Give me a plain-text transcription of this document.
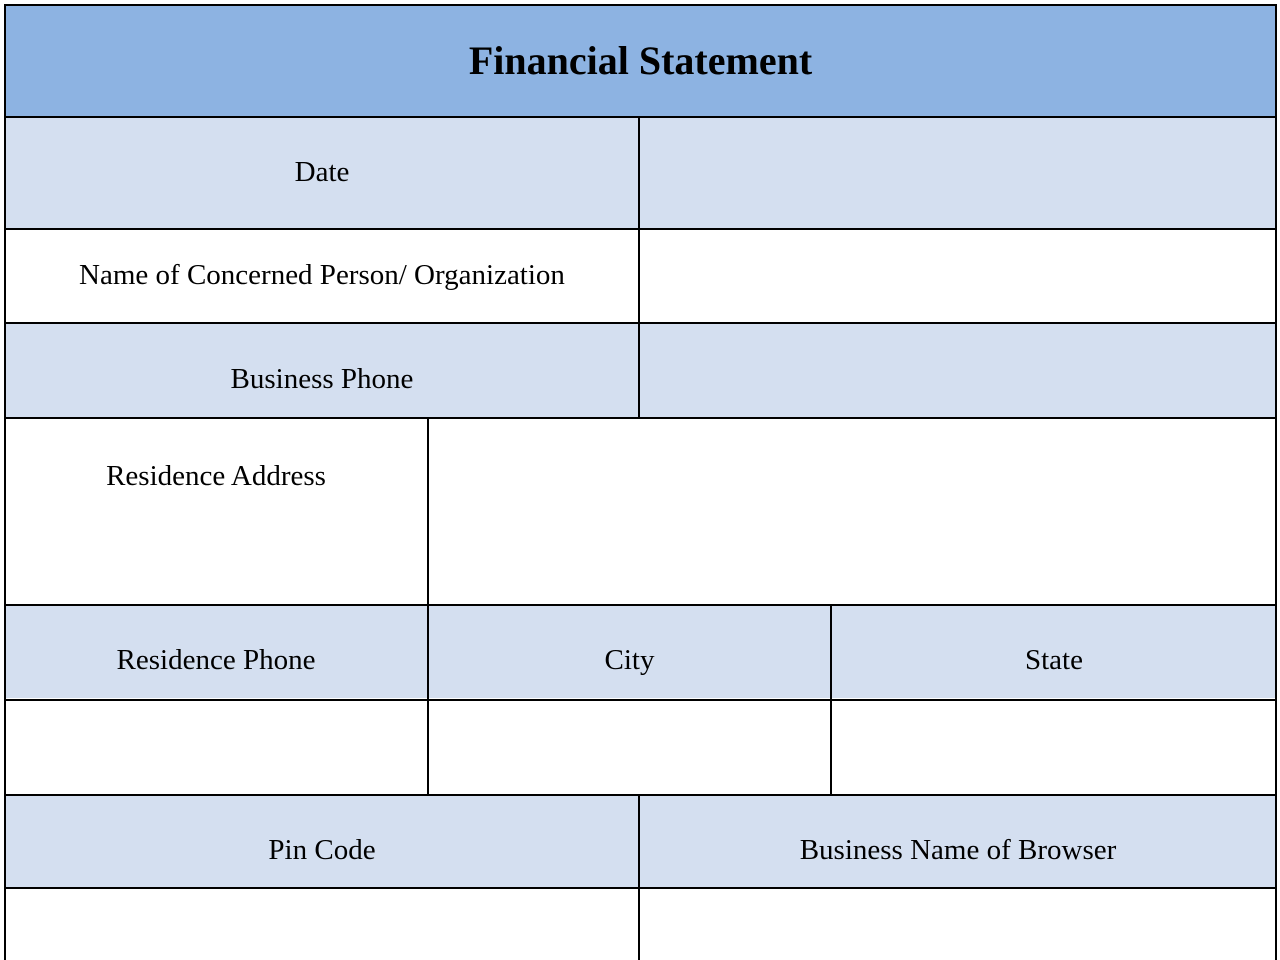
Financial Statement
Date
Name of Concerned Person/ Organization
Business Phone
Residence Address
Residence Phone	City	State
Pin Code	Business Name of Browser
